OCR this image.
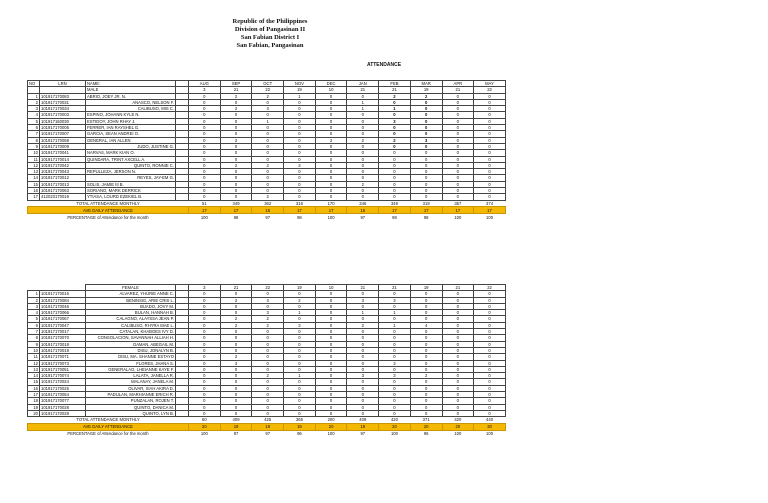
Republic of the Philippines
Division of Pangasinan II
San Fabian District I
San Fabian, Pangasinan
ATTENDANCE
NO	LRN	NAME:		AUG	SEP	OCT	NOV	DEC	JAN	FEB	MAR	APR	MAY
		MALE		3	21	22	19	10	21	21	19	21	22
1	101917170083	ABRIO, JOEY JR. N.		0	2	2	1	0	0	2	2	0	0
2	101917170031	ANASCO, NELSON F.		0	0	0	0	0	1	0	0	0	0
3	101917170034	CALIBUSO, MIS C.		0	2	3	0	0	1	1	0	0	0
4	101917170003	ESPINO, JOHANN KYLE N.		0	0	0	0	0	0	0	0	0	0
5	101917160030	ESTIDOY, JOHN RHAY J.		0	0	1	0	0	0	3	0	0	0
6	101917170005	FERRER, IAN RAYSHEL G.		0	0	0	0	0	0	0	0	0	0
7	101917170007	GARCIA, SEAN ANDREI O.		0	0	0	0	0	0	0	0	0	0
8	101917170058	GENERAL, IAN ALLEN		0	2	0	0	2	2	2	3	0	0
9	101917170009	JUDO, JUSTINE G.		0	0	0	0	0	0	0	0	0	0
10	101917170041	NARVAS, MARK KIAN O.		0	0	0	0	0	0	0	0	0	0
11	101917170014	QUINDARA, TRINT AXCELL A.		0	0	0	0	0	0	0	0	0	0
12	101917170042	QUINTO, RONNIE C.		0	2	2	3	0	0	0	0	0	0
13	101917170043	REPULLEZA, JERSON N.		0	0	0	0	0	0	0	0	0	0
14	101917170012	REYES, JAY-EM G.		0	0	0	0	0	0	0	0	0	0
15	101917170013	SOLIS, JAMIE III B.		0	0	0	0	0	2	0	0	0	0
16	101917170063	SORIANO, MARK DERRICK		0	0	0	0	0	0	0	0	0	0
17	412023170019	YTIASA, LOURD EZEKIEL B.		0	0	2	0	0	0	0	0	0	0
TOTAL ATTENDANCE MONTHLY				51	349	362	316	170	346	349	318	357	374
AVE DAILY ATTENDANCE				17	17	16	17	17	16	17	17	17	17
PERCENTAGE of Attendance for the month				100	98	97	98	100	97	98	98	100	100
		FEMALE		3	21	22	19	10	21	21	19	21	22
1	101917170015	ALVAREZ, YHURIE ANNE C.		0	0	0	0	0	0	0	0	0	0
2	101917170084	BENINSIG, ARIE CRIS L.		0	2	3	2	0	3	3	0	0	0
3	101917170046	BUADO, JOVY M.		0	0	0	0	0	0	0	0	0	0
4	101917170066	BULAN, HANNAH B.		0	0	3	1	0	1	1	0	0	0
5	101917170067	CALAGNO, ALAYSSA JEAN P.		0	2	2	0	0	0	0	0	0	0
6	101917170047	CALIBUSO, RHYRA MAE L.		0	2	2	3	0	2	1	4	0	0
7	101917170017	CATALAN, KHABOES IVY D.		0	0	0	0	0	0	0	0	0	0
8	101917170070	CONSOLACION, SAVANNAH ALLIAH H.		0	0	0	0	0	0	0	0	0	0
9	101917170018	DAMAN, ABEGAIL M.		0	0	0	0	0	0	0	0	0	0
10	101917170019	DISU, JONALYN B.		0	0	0	0	0	0	0	0	0	0
11	101917170071	DISU, MA. SHANNE ESTAYO		0	2	0	0	0	0	0	0	0	0
12	101917170073	FLORES, JHANA S.		0	3	0	0	0	0	3	0	0	0
13	101917170051	GENERALAO, LHEIANNE KAYE F.		0	0	0	0	0	0	0	0	0	0
14	101917170074	LALATA, JANELLA R.		0	0	2	1	0	3	3	2	0	0
15	101917170024	MALANAY, JANELA M.		0	0	0	0	0	0	0	0	0	0
16	101917170025	OLIVAR, XIAH AKIRA D.		0	0	0	0	0	0	0	0	0	0
17	101917170054	PADULAN, MARHIANNE ERICH R.		0	0	0	0	0	0	0	0	0	0
18	101917170077	PUNZALAN, ROJEN T.		0	0	0	0	0	0	0	0	0	0
19	101917170028	QUINTO, DANICA M.		0	0	0	0	0	0	0	0	0	0
20	101917170029	QUINTO, LYN B.		0	0	0	0	0	0	0	0	0	0
TOTAL ATTENDANCE MONTHLY				60	409	425	366	200	409	420	371	420	440
AVE DAILY ATTENDANCE				20	19	19	19	20	19	20	20	20	20
PERCENTAGE of Attendance for the month				100	97	97	96	100	97	100	96	100	100
